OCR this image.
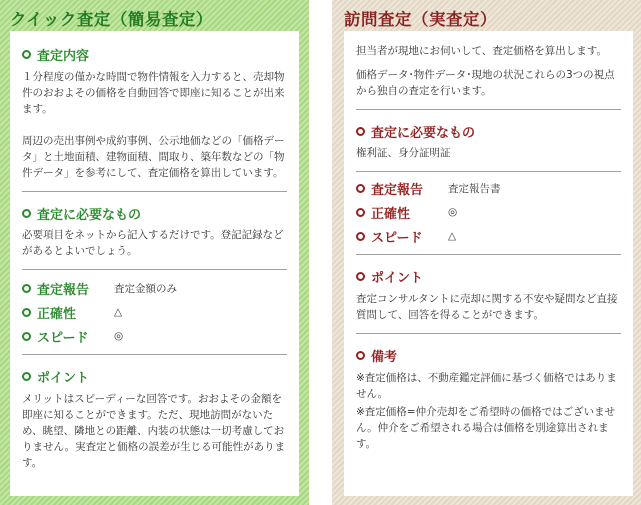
クイック査定（簡易査定）
査定内容

１分程度の僅かな時間で物件情報を入力すると、売却物件のおおよその価格を自動回答で即座に知ることが出来ます。

周辺の売出事例や成約事例、公示地価などの「価格データ」と土地面積、建物面積、間取り、築年数などの「物件データ」を参考にして、査定価格を算出しています。

査定に必要なもの

必要項目をネットから記入するだけです。登記記録などがあるとよいでしょう。

査定報告 査定金額のみ
正確性	△
スピード ◎
ポイント

メリットはスピーディーな回答です。おおよその金額を即座に知ることができます。ただ、現地訪問がないため、眺望、隣地との距離、内装の状態は一切考慮しておりません。実査定と価格の誤差が生じる可能性があります。

訪問査定（実査定）

担当者が現地にお伺いして、査定価格を算出します。

価格データ･物件データ･現地の状況これらの3つの視点から独自の査定を行います。

査定に必要なもの

権利証、身分証明証

査定報告 査定報告書
正確性	◎
スピード △
ポイント

査定コンサルタントに売却に関する不安や疑問など直接質問して、回答を得ることができます。

備考

※査定価格は、不動産鑑定評価に基づく価格ではありません。

※査定価格=仲介売却をご希望時の価格ではございません。仲介をご希望される場合は価格を別途算出されます。
